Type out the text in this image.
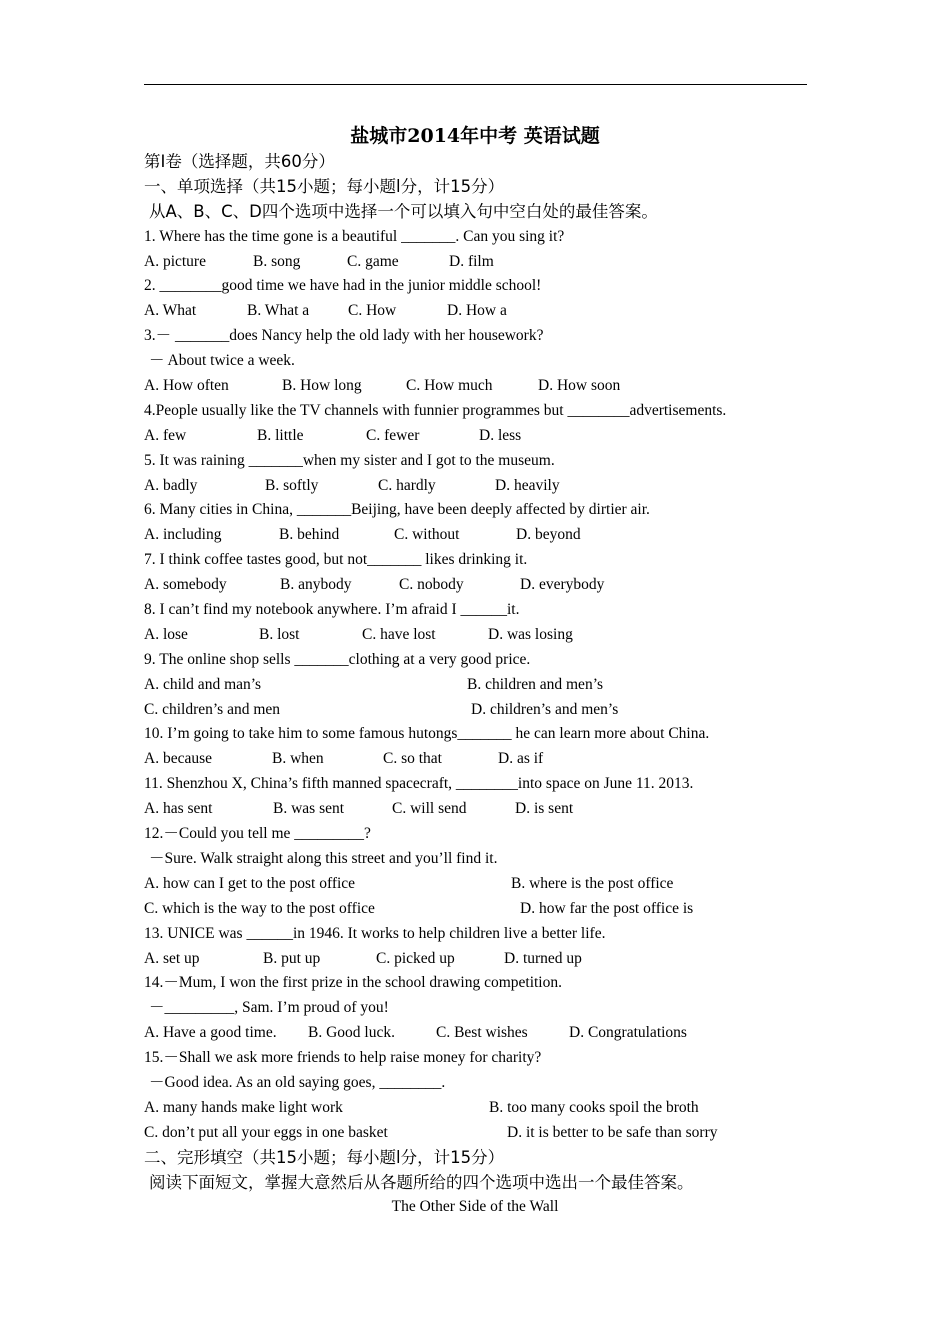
盐城市2014年中考 英语试题
第I卷（选择题，共60分）
一、单项选择（共15小题；每小题l分，计15分）
从A、B、C、D四个选项中选择一个可以填入句中空白处的最佳答案。
1. Where has the time gone is a beautiful _______. Can you sing it?
A. picture	B. song	C. game	D. film
2. ________good time we have had in the junior middle school!
A. What	B. What a	C. How	D. How a
3.－ _______does Nancy help the old lady with her housework?
－ About twice a week.
A. How often	B. How long	C. How much	D. How soon
4.People usually like the TV channels with funnier programmes but ________advertisements.
A. few	B. little	C. fewer	D. less
5. It was raining _______when my sister and I got to the museum.
A. badly	B. softly	C. hardly	D. heavily
6. Many cities in China, _______Beijing, have been deeply affected by dirtier air.
A. including	B. behind	C. without	D. beyond
7. I think coffee tastes good, but not_______ likes drinking it.
A. somebody	B. anybody	C. nobody	D. everybody
8. I can’t find my notebook anywhere. I’m afraid I ______it.
A. lose	B. lost	C. have lost	D. was losing
9. The online shop sells _______clothing at a very good price.
A. child and man’s	B. children and men’s
C. children’s and men	D. children’s and men’s
10. I’m going to take him to some famous hutongs_______ he can learn more about China.
A. because	B. when	C. so that	D. as if
11. Shenzhou X, China’s fifth manned spacecraft, ________into space on June 11. 2013.
A. has sent	B. was sent	C. will send	D. is sent
12.－Could you tell me _________?
－Sure. Walk straight along this street and you’ll find it.
A. how can I get to the post office	B. where is the post office
C. which is the way to the post office	D. how far the post office is
13. UNICE was ______in 1946. It works to help children live a better life.
A. set up	B. put up	C. picked up	D. turned up
14.－Mum, I won the first prize in the school drawing competition.
－_________, Sam. I’m proud of you!
A. Have a good time. B. Good luck.	C. Best wishes	D. Congratulations
15.－Shall we ask more friends to help raise money for charity?
－Good idea. As an old saying goes, ________.
A. many hands make light work	B. too many cooks spoil the broth
C. don’t put all your eggs in one basket	D. it is better to be safe than sorry
二、完形填空（共15小题；每小题l分，计15分）
阅读下面短文，掌握大意然后从各题所给的四个选项中选出一个最佳答案。
The Other Side of the Wall
